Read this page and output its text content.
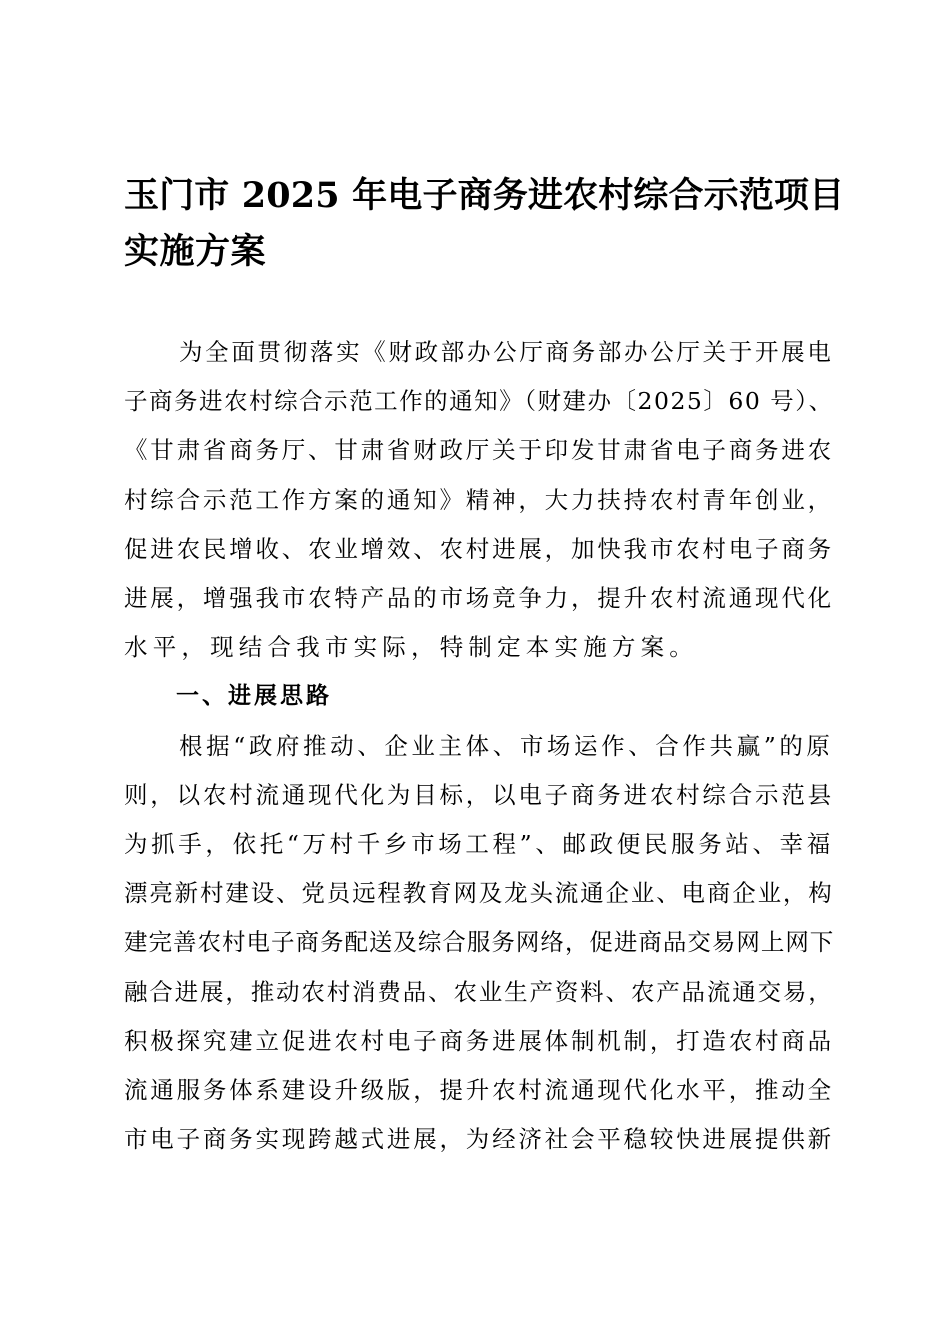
玉门市 2025 年电子商务进农村综合示范项目
实施方案

为全面贯彻落实《财政部办公厅商务部办公厅关于开展电
子商务进农村综合示范工作的通知》（财建办〔2025〕60 号）、
《甘肃省商务厅、甘肃省财政厅关于印发甘肃省电子商务进农
村综合示范工作方案的通知》精神，大力扶持农村青年创业，
促进农民增收、农业增效、农村进展，加快我市农村电子商务
进展，增强我市农特产品的市场竞争力，提升农村流通现代化
水平，现结合我市实际，特制定本实施方案。

一、进展思路

根据“政府推动、企业主体、市场运作、合作共赢”的原
则，以农村流通现代化为目标，以电子商务进农村综合示范县
为抓手，依托“万村千乡市场工程”、邮政便民服务站、幸福
漂亮新村建设、党员远程教育网及龙头流通企业、电商企业，构
建完善农村电子商务配送及综合服务网络，促进商品交易网上网下
融合进展，推动农村消费品、农业生产资料、农产品流通交易，
积极探究建立促进农村电子商务进展体制机制，打造农村商品
流通服务体系建设升级版，提升农村流通现代化水平，推动全
市电子商务实现跨越式进展，为经济社会平稳较快进展提供新
